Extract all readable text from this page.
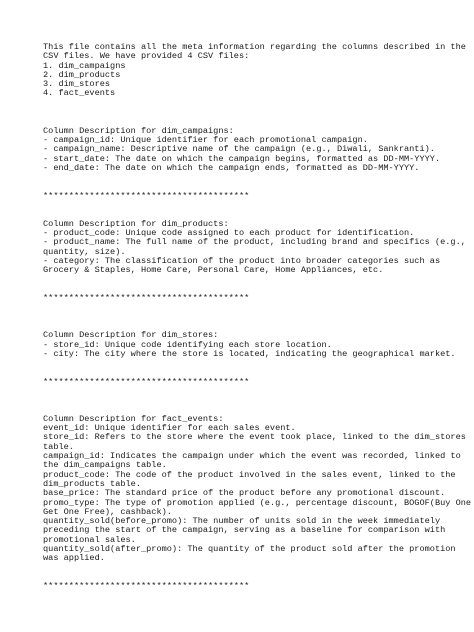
This file contains all the meta information regarding the columns described in the
CSV files. We have provided 4 CSV files:
1. dim_campaigns
2. dim_products
3. dim_stores
4. fact_events
Column Description for dim_campaigns:
- campaign_id: Unique identifier for each promotional campaign.
- campaign_name: Descriptive name of the campaign (e.g., Diwali, Sankranti).
- start_date: The date on which the campaign begins, formatted as DD-MM-YYYY.
- end_date: The date on which the campaign ends, formatted as DD-MM-YYYY.
****************************************
Column Description for dim_products:
- product_code: Unique code assigned to each product for identification.
- product_name: The full name of the product, including brand and specifics (e.g.,
quantity, size).
- category: The classification of the product into broader categories such as
Grocery & Staples, Home Care, Personal Care, Home Appliances, etc.
****************************************
Column Description for dim_stores:
- store_id: Unique code identifying each store location.
- city: The city where the store is located, indicating the geographical market.
****************************************
Column Description for fact_events:
event_id: Unique identifier for each sales event.
store_id: Refers to the store where the event took place, linked to the dim_stores
table.
campaign_id: Indicates the campaign under which the event was recorded, linked to
the dim_campaigns table.
product_code: The code of the product involved in the sales event, linked to the
dim_products table.
base_price: The standard price of the product before any promotional discount.
promo_type: The type of promotion applied (e.g., percentage discount, BOGOF(Buy One
Get One Free), cashback).
quantity_sold(before_promo): The number of units sold in the week immediately
preceding the start of the campaign, serving as a baseline for comparison with
promotional sales.
quantity_sold(after_promo): The quantity of the product sold after the promotion
was applied.
****************************************
